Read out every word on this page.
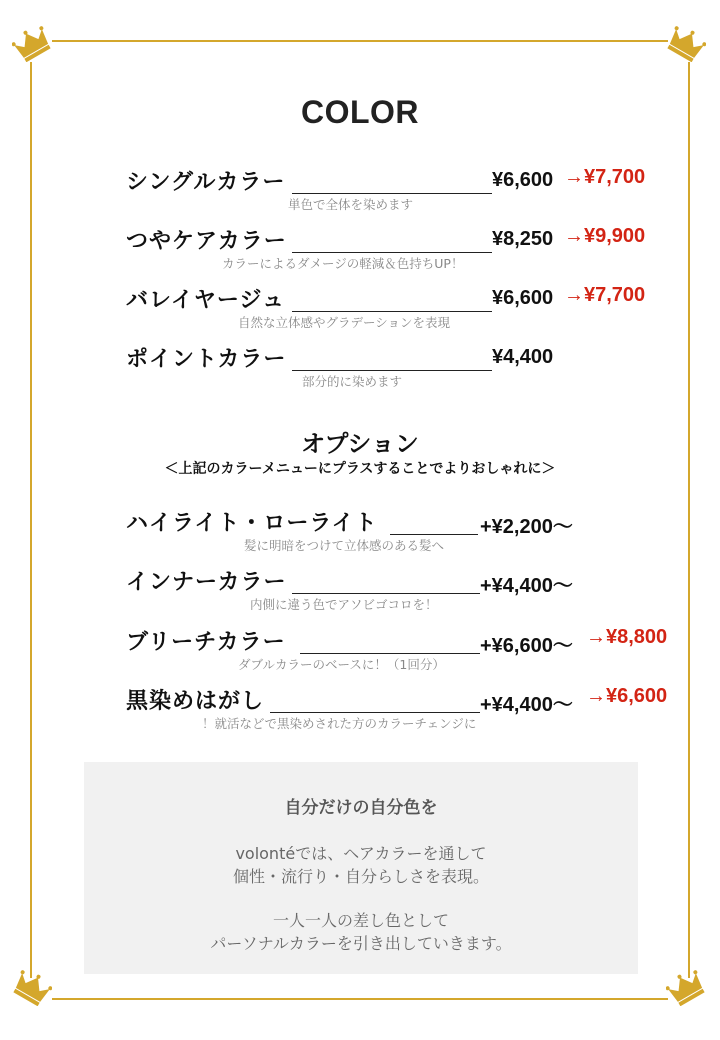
COLOR
シングルカラー	¥6,600 →¥7,700
単色で全体を染めます
つやケアカラー	¥8,250 →¥9,900
カラーによるダメージの軽減＆色持ちUP！
バレイヤージュ	¥6,600 →¥7,700
自然な立体感やグラデーションを表現
ポイントカラー	¥4,400
部分的に染めます
オプション
＜上記のカラーメニューにプラスすることでよりおしゃれに＞
ハイライト・ローライト	+¥2,200〜
髪に明暗をつけて立体感のある髪へ
インナーカラー	+¥4,400〜
内側に違う色でアソビゴコロを！
ブリーチカラー	+¥6,600〜 →¥8,800
ダブルカラーのベースに！（1回分）
黒染めはがし	+¥4,400〜 →¥6,600
！就活などで黒染めされた方のカラーチェンジに
自分だけの自分色を
volontéでは、ヘアカラーを通して
個性・流行り・自分らしさを表現。
一人一人の差し色として
パーソナルカラーを引き出していきます。
